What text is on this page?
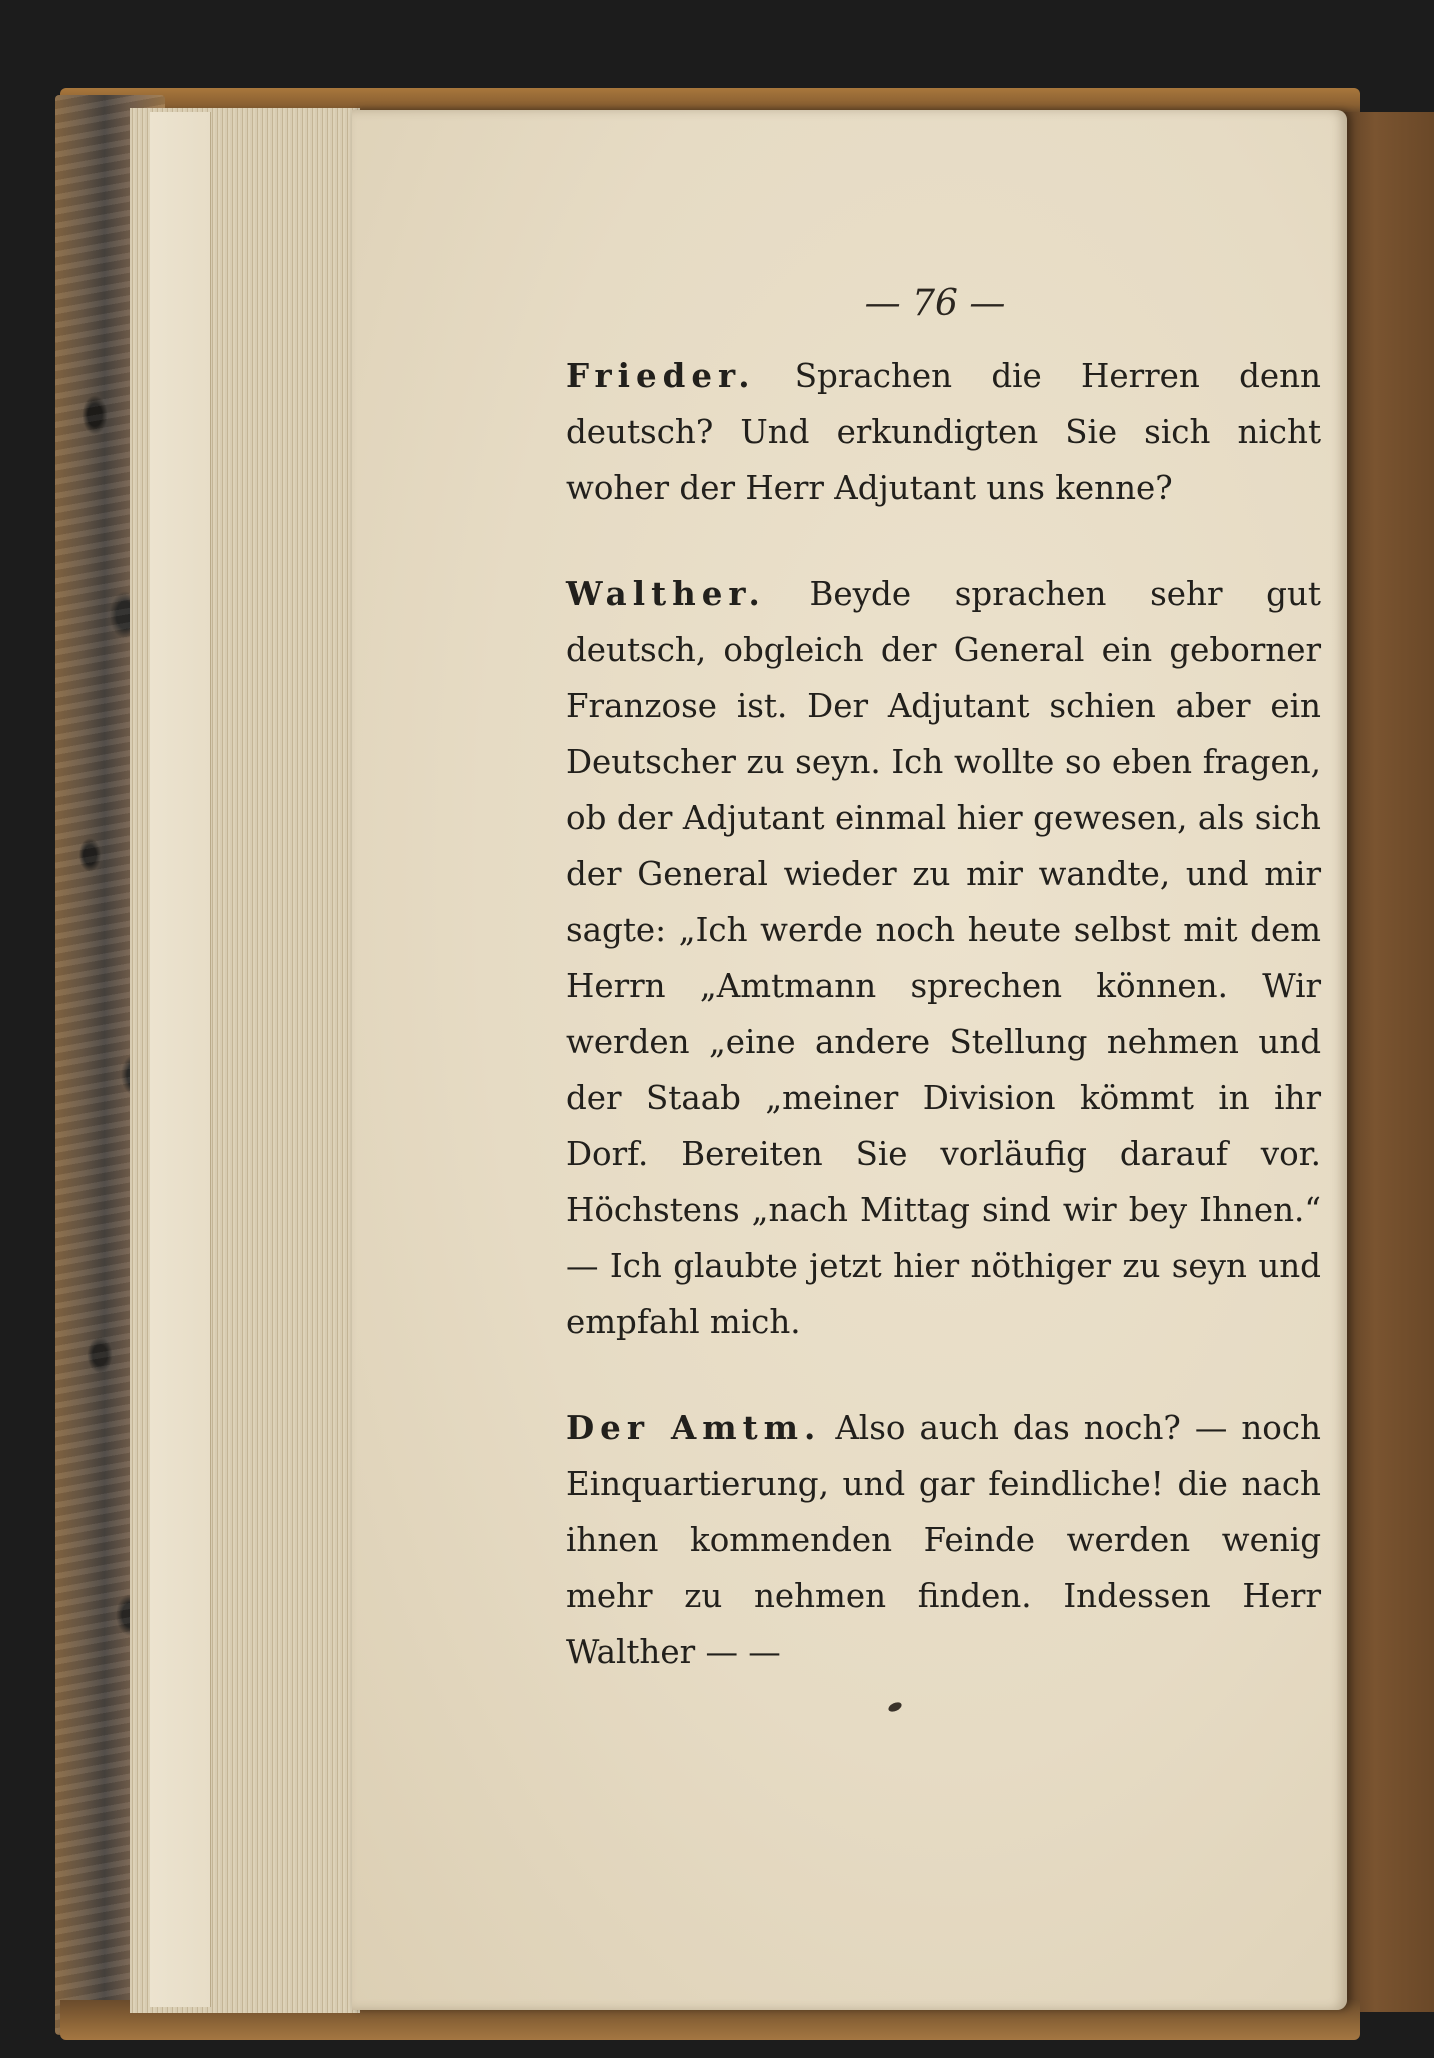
— 76 —

Frieder. Sprachen die Herren denn deutsch? Und erkundigten Sie sich nicht woher der Herr Adjutant uns kenne?

Walther. Beyde sprachen sehr gut deutsch, obgleich der General ein geborner Franzose ist. Der Adjutant schien aber ein Deutscher zu seyn. Ich wollte so eben fragen, ob der Adjutant einmal hier gewesen, als sich der General wieder zu mir wandte, und mir sagte: „Ich werde noch heute selbst mit dem Herrn „Amtmann sprechen können. Wir werden „eine andere Stellung nehmen und der Staab „meiner Division kömmt in ihr Dorf. Bereiten Sie vorläufig darauf vor. Höchstens „nach Mittag sind wir bey Ihnen.“ — Ich glaubte jetzt hier nöthiger zu seyn und empfahl mich.

Der Amtm. Also auch das noch? — noch Einquartierung, und gar feindliche! die nach ihnen kommenden Feinde werden wenig mehr zu nehmen finden. Indessen Herr Walther — —
